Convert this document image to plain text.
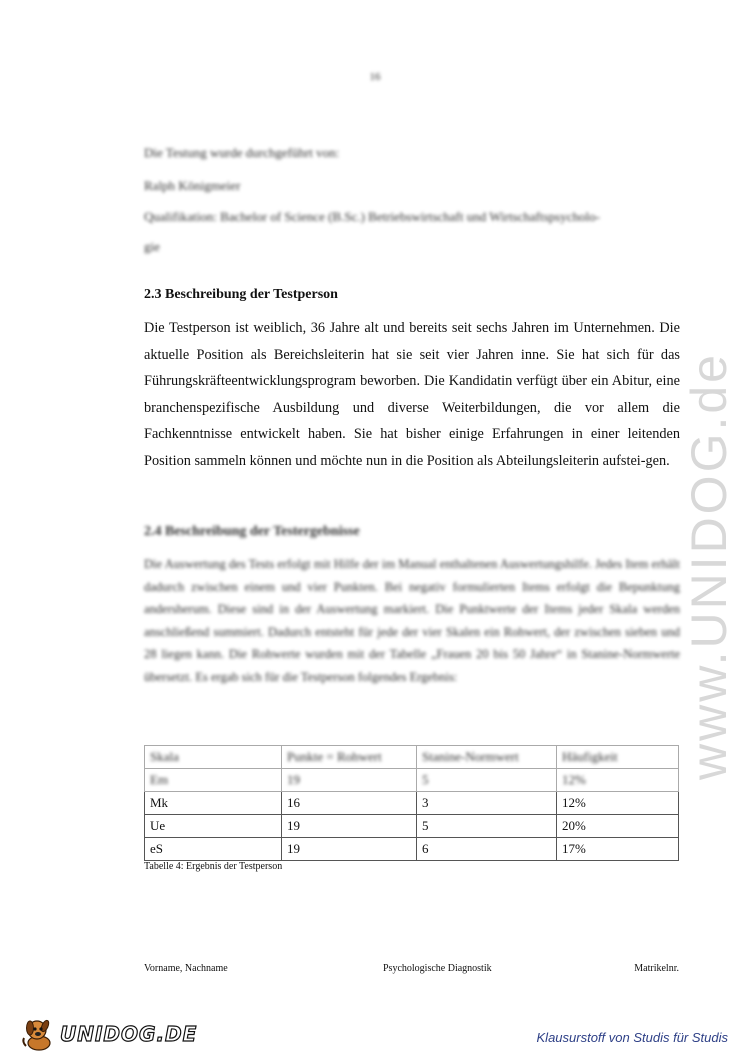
www.UNIDOG.de
16
Die Testung wurde durchgeführt von:
Ralph Königmeier
Qualifikation: Bachelor of Science (B.Sc.) Betriebswirtschaft und Wirtschaftspsycholo-
gie
2.3 Beschreibung der Testperson
Die Testperson ist weiblich, 36 Jahre alt und bereits seit sechs Jahren im Unternehmen. Die aktuelle Position als Bereichsleiterin hat sie seit vier Jahren inne. Sie hat sich für das Führungskräfteentwicklungsprogram beworben. Die Kandidatin verfügt über ein Abitur, eine branchenspezifische Ausbildung und diverse Weiterbildungen, die vor allem die Fachkenntnisse entwickelt haben. Sie hat bisher einige Erfahrungen in einer leitenden Position sammeln können und möchte nun in die Position als Abteilungsleiterin aufstei-gen.
2.4 Beschreibung der Testergebnisse
Die Auswertung des Tests erfolgt mit Hilfe der im Manual enthaltenen Auswertungshilfe. Jedes Item erhält dadurch zwischen einem und vier Punkten. Bei negativ formulierten Items erfolgt die Bepunktung andersherum. Diese sind in der Auswertung markiert. Die Punktwerte der Items jeder Skala werden anschließend summiert. Dadurch entsteht für jede der vier Skalen ein Rohwert, der zwischen sieben und 28 liegen kann. Die Rohwerte wurden mit der Tabelle „Frauen 20 bis 50 Jahre“ in Stanine-Normwerte übersetzt. Es ergab sich für die Testperson folgendes Ergebnis:
Skala	Punkte = Rohwert	Stanine-Normwert	Häufigkeit
Em	19	5	12%
Mk	16	3	12%
Ue	19	5	20%
eS	19	6	17%
Tabelle 4: Ergebnis der Testperson
Vorname, Nachname	Psychologische Diagnostik	Matrikelnr.
UNIDOG.DE	Klausurstoff von Studis für Studis
